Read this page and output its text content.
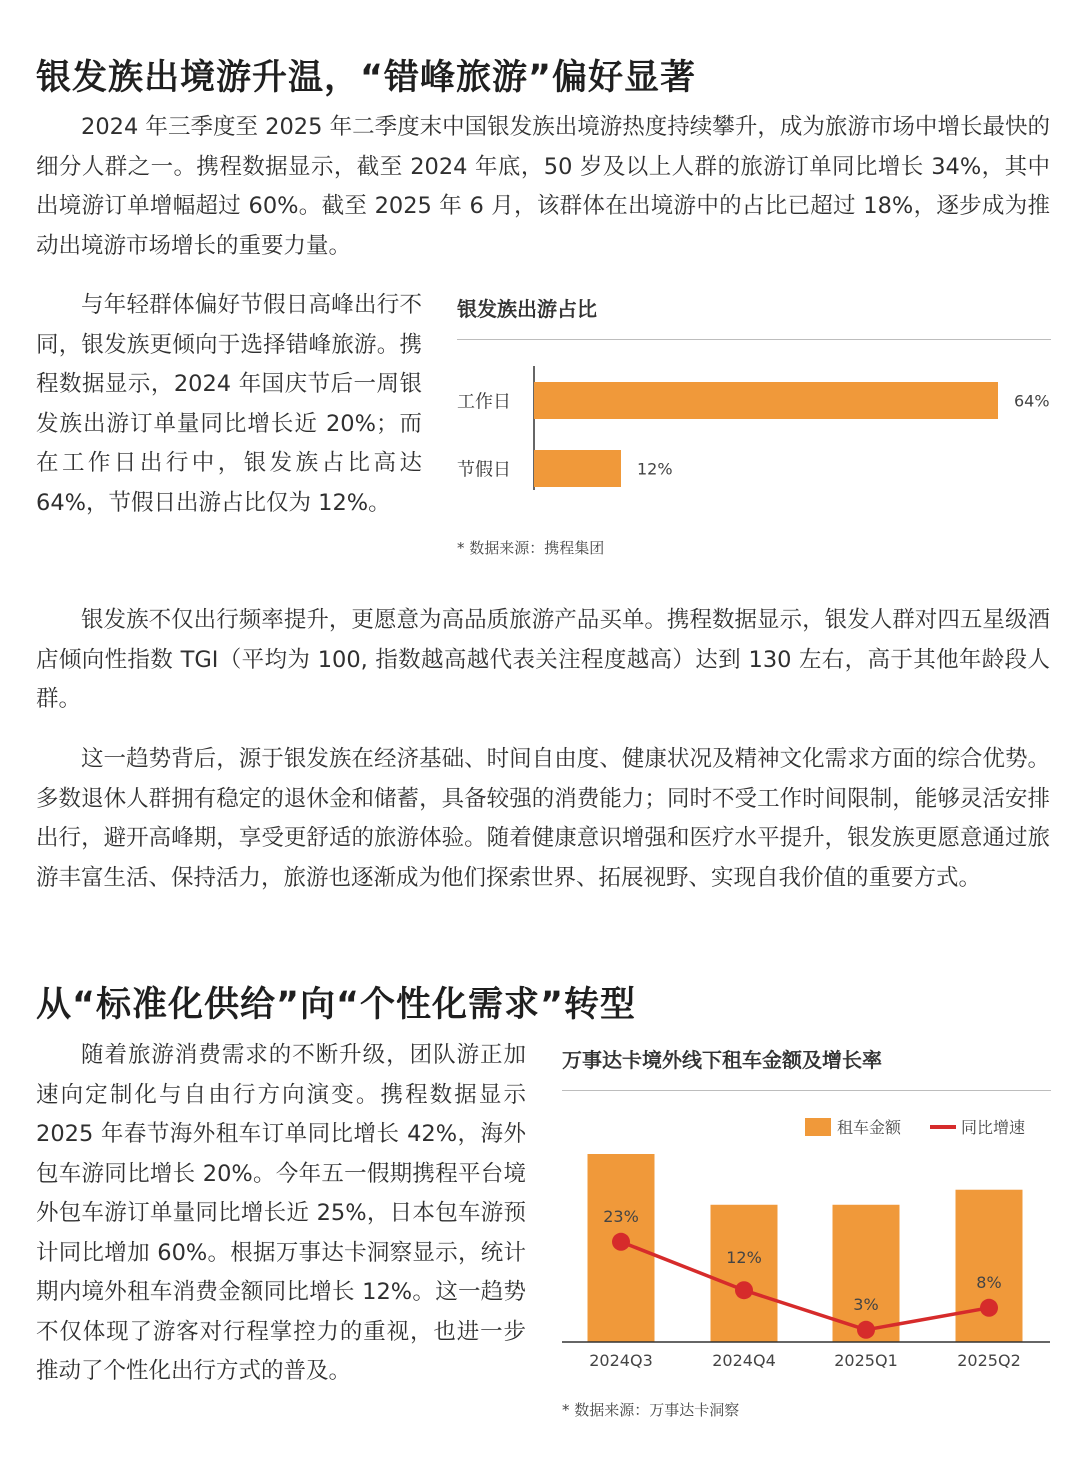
银发族出境游升温，“错峰旅游”偏好显著

2024 年三季度至 2025 年二季度末中国银发族出境游热度持续攀升，成为旅游市场中增长最快的细分人群之一。携程数据显示，截至 2024 年底，50 岁及以上人群的旅游订单同比增长 34%，其中出境游订单增幅超过 60%。截至 2025 年 6 月，该群体在出境游中的占比已超过 18%，逐步成为推动出境游市场增长的重要力量。

与年轻群体偏好节假日高峰出行不同，银发族更倾向于选择错峰旅游。携程数据显示，2024 年国庆节后一周银发族出游订单量同比增长近 20%；而在工作日出行中，银发族占比高达 64%，节假日出游占比仅为 12%。

银发族出游占比
工作日	64%
节假日	12%
* 数据来源：携程集团

银发族不仅出行频率提升，更愿意为高品质旅游产品买单。携程数据显示，银发人群对四五星级酒店倾向性指数 TGI（平均为 100, 指数越高越代表关注程度越高）达到 130 左右，高于其他年龄段人群。

这一趋势背后，源于银发族在经济基础、时间自由度、健康状况及精神文化需求方面的综合优势。多数退休人群拥有稳定的退休金和储蓄，具备较强的消费能力；同时不受工作时间限制，能够灵活安排出行，避开高峰期，享受更舒适的旅游体验。随着健康意识增强和医疗水平提升，银发族更愿意通过旅游丰富生活、保持活力，旅游也逐渐成为他们探索世界、拓展视野、实现自我价值的重要方式。

从“标准化供给”向“个性化需求”转型

随着旅游消费需求的不断升级，团队游正加速向定制化与自由行方向演变。携程数据显示 2025 年春节海外租车订单同比增长 42%，海外包车游同比增长 20%。今年五一假期携程平台境外包车游订单量同比增长近 25%，日本包车游预计同比增加 60%。根据万事达卡洞察显示，统计期内境外租车消费金额同比增长 12%。这一趋势不仅体现了游客对行程掌控力的重视，也进一步推动了个性化出行方式的普及。

万事达卡境外线下租车金额及增长率
租车金额	同比增速
2024Q3	2024Q4	2025Q1	2025Q2
23%
12%
3%
8%
* 数据来源：万事达卡洞察
